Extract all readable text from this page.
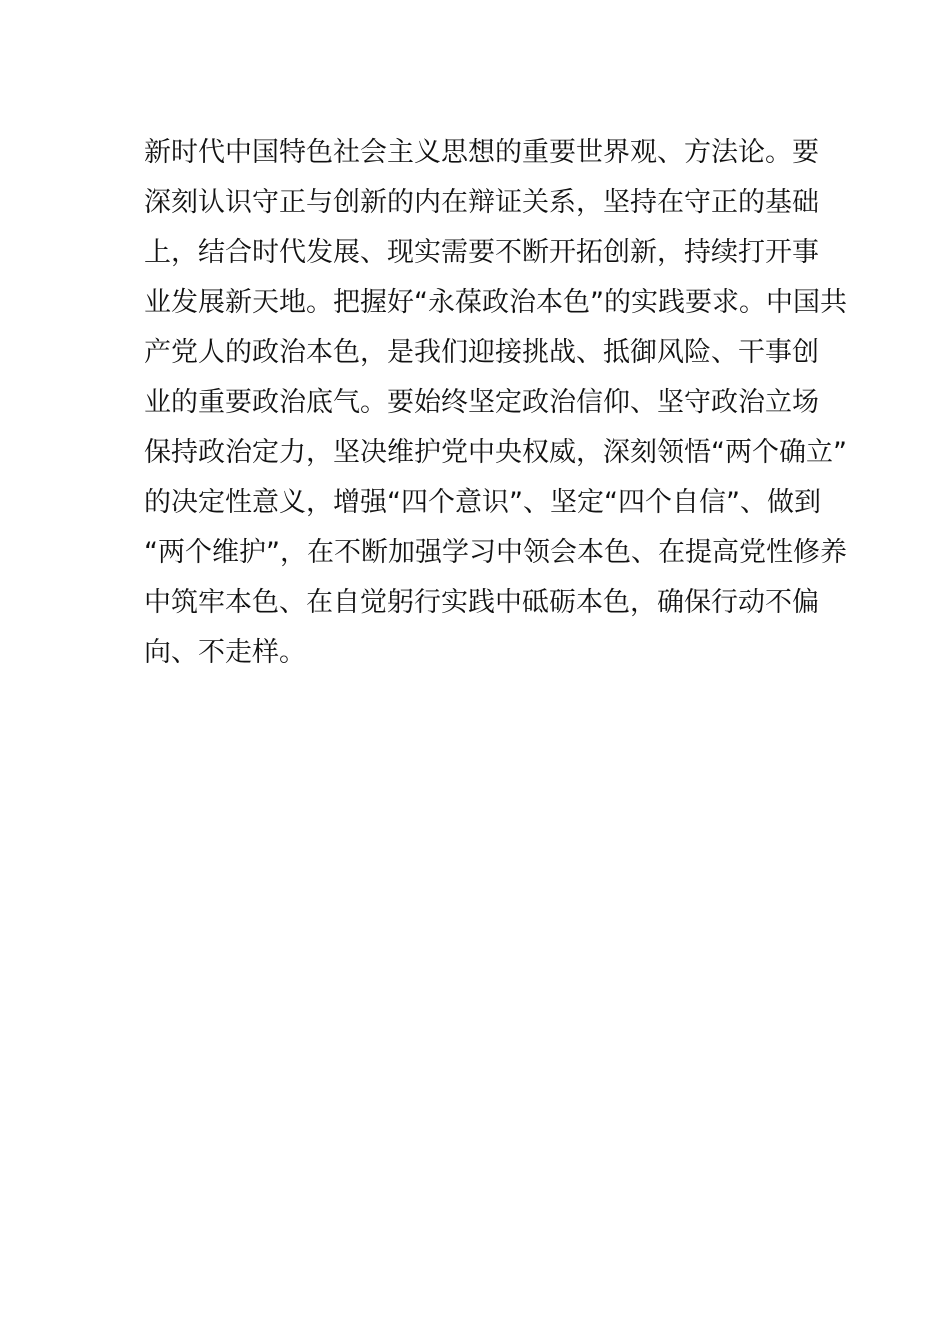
新时代中国特色社会主义思想的重要世界观、方法论。要
深刻认识守正与创新的内在辩证关系，坚持在守正的基础
上，结合时代发展、现实需要不断开拓创新，持续打开事
业发展新天地。把握好“永葆政治本色”的实践要求。中国共
产党人的政治本色，是我们迎接挑战、抵御风险、干事创
业的重要政治底气。要始终坚定政治信仰、坚守政治立场
保持政治定力，坚决维护党中央权威，深刻领悟“两个确立”
的决定性意义，增强“四个意识”、坚定“四个自信”、做到
“两个维护”，在不断加强学习中领会本色、在提高党性修养
中筑牢本色、在自觉躬行实践中砥砺本色，确保行动不偏
向、不走样。
